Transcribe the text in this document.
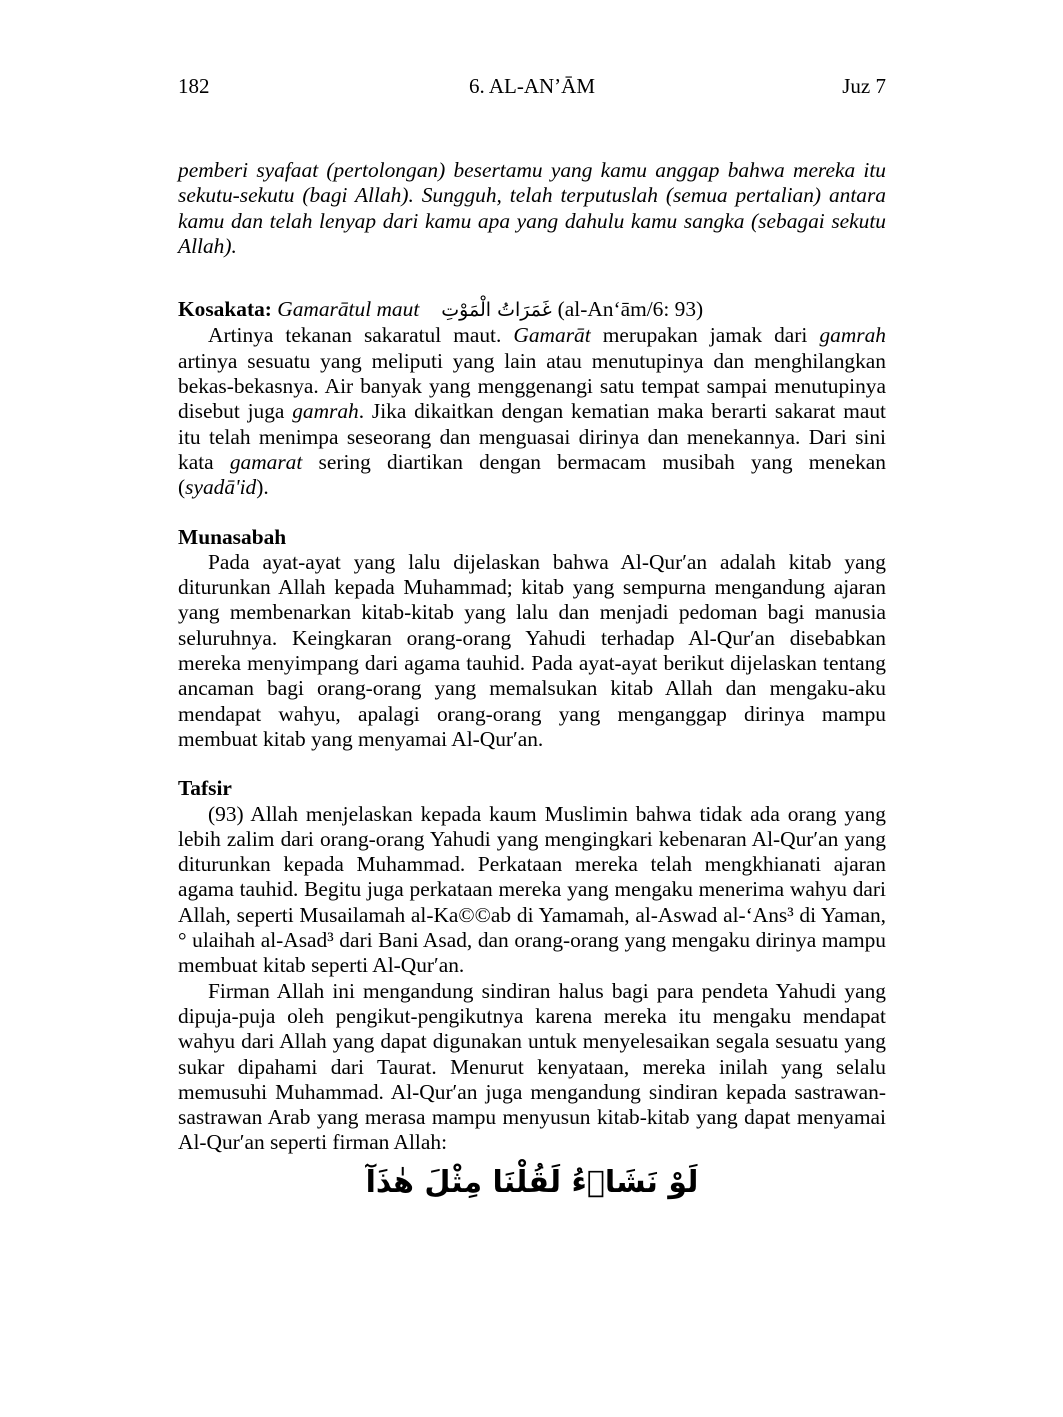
182	6. AL-AN’ĀM	Juz 7

pemberi syafaat (pertolongan) besertamu yang kamu anggap bahwa mereka itu sekutu-sekutu (bagi Allah). Sungguh, telah terputuslah (semua pertalian) antara kamu dan telah lenyap dari kamu apa yang dahulu kamu sangka (sebagai sekutu Allah).

Kosakata: Gamarātul maut غَمَرَاتُ الْمَوْتِ (al-An‘ām/6: 93)

Artinya tekanan sakaratul maut. Gamarāt merupakan jamak dari gamrah artinya sesuatu yang meliputi yang lain atau menutupinya dan menghilangkan bekas-bekasnya. Air banyak yang menggenangi satu tempat sampai menutupinya disebut juga gamrah. Jika dikaitkan dengan kematian maka berarti sakarat maut itu telah menimpa seseorang dan menguasai dirinya dan menekannya. Dari sini kata gamarat sering diartikan dengan bermacam musibah yang menekan (syadā'id).

Munasabah

Pada ayat-ayat yang lalu dijelaskan bahwa Al-Qur′an adalah kitab yang diturunkan Allah kepada Muhammad; kitab yang sempurna mengandung ajaran yang membenarkan kitab-kitab yang lalu dan menjadi pedoman bagi manusia seluruhnya. Keingkaran orang-orang Yahudi terhadap Al-Qur′an disebabkan mereka menyimpang dari agama tauhid. Pada ayat-ayat berikut dijelaskan tentang ancaman bagi orang-orang yang memalsukan kitab Allah dan mengaku-aku mendapat wahyu, apalagi orang-orang yang menganggap dirinya mampu membuat kitab yang menyamai Al-Qur′an.

Tafsir

(93) Allah menjelaskan kepada kaum Muslimin bahwa tidak ada orang yang lebih zalim dari orang-orang Yahudi yang mengingkari kebenaran Al-Qur′an yang diturunkan kepada Muhammad. Perkataan mereka telah mengkhianati ajaran agama tauhid. Begitu juga perkataan mereka yang mengaku menerima wahyu dari Allah, seperti Musailamah al-Ka©©ab di Yamamah, al-Aswad al-‘Ans³ di Yaman, ° ulaihah al-Asad³ dari Bani Asad, dan orang-orang yang mengaku dirinya mampu membuat kitab seperti Al-Qur′an.

Firman Allah ini mengandung sindiran halus bagi para pendeta Yahudi yang dipuja-puja oleh pengikut-pengikutnya karena mereka itu mengaku mendapat wahyu dari Allah yang dapat digunakan untuk menyelesaikan segala sesuatu yang sukar dipahami dari Taurat. Menurut kenyataan, mereka inilah yang selalu memusuhi Muhammad. Al-Qur′an juga mengandung sindiran kepada sastrawan-sastrawan Arab yang merasa mampu menyusun kitab-kitab yang dapat menyamai Al-Qur′an seperti firman Allah:

لَوْ نَشَاۤءُ لَقُلْنَا مِثْلَ هٰذَآ
